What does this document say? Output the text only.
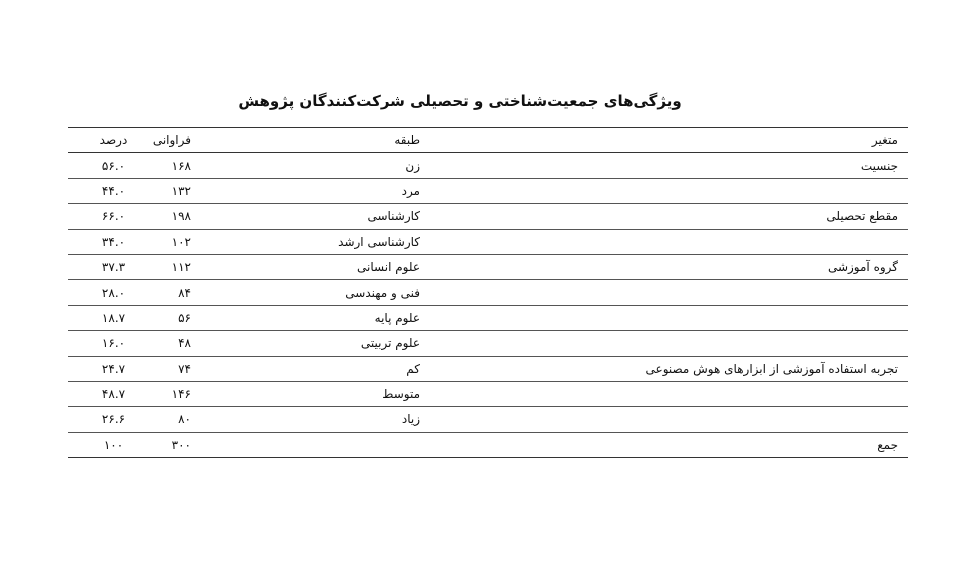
ویژگی‌های جمعیت‌شناختی و تحصیلی شرکت‌کنندگان پژوهش
متغیر	طبقه	فراوانی	درصد
جنسیت	زن	۱۶۸	۵۶.۰
	مرد	۱۳۲	۴۴.۰
مقطع تحصیلی	کارشناسی	۱۹۸	۶۶.۰
	کارشناسی ارشد	۱۰۲	۳۴.۰
گروه آموزشی	علوم انسانی	۱۱۲	۳۷.۳
	فنی و مهندسی	۸۴	۲۸.۰
	علوم پایه	۵۶	۱۸.۷
	علوم تربیتی	۴۸	۱۶.۰
تجربه استفاده آموزشی از ابزارهای هوش مصنوعی	کم	۷۴	۲۴.۷
	متوسط	۱۴۶	۴۸.۷
	زیاد	۸۰	۲۶.۶
جمع		۳۰۰	۱۰۰
